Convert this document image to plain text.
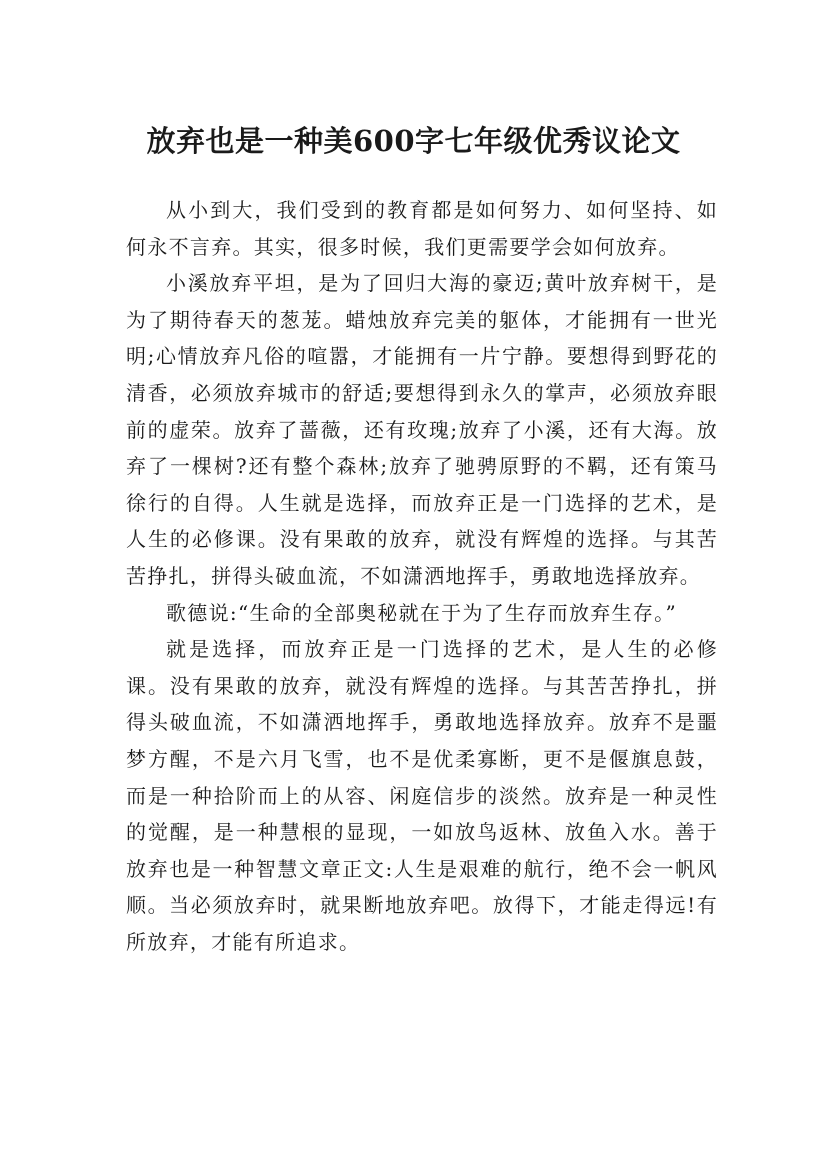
放弃也是一种美600字七年级优秀议论文

从小到大，我们受到的教育都是如何努力、如何坚持、如何永不言弃。其实，很多时候，我们更需要学会如何放弃。

小溪放弃平坦，是为了回归大海的豪迈;黄叶放弃树干，是为了期待春天的葱茏。蜡烛放弃完美的躯体，才能拥有一世光明;心情放弃凡俗的喧嚣，才能拥有一片宁静。要想得到野花的清香，必须放弃城市的舒适;要想得到永久的掌声，必须放弃眼前的虚荣。放弃了蔷薇，还有玫瑰;放弃了小溪，还有大海。放弃了一棵树?还有整个森林;放弃了驰骋原野的不羁，还有策马徐行的自得。人生就是选择，而放弃正是一门选择的艺术，是人生的必修课。没有果敢的放弃，就没有辉煌的选择。与其苦苦挣扎，拼得头破血流，不如潇洒地挥手，勇敢地选择放弃。

歌德说:“生命的全部奥秘就在于为了生存而放弃生存。”

就是选择，而放弃正是一门选择的艺术，是人生的必修课。没有果敢的放弃，就没有辉煌的选择。与其苦苦挣扎，拼得头破血流，不如潇洒地挥手，勇敢地选择放弃。放弃不是噩梦方醒，不是六月飞雪，也不是优柔寡断，更不是偃旗息鼓，而是一种拾阶而上的从容、闲庭信步的淡然。放弃是一种灵性的觉醒，是一种慧根的显现，一如放鸟返林、放鱼入水。善于放弃也是一种智慧文章正文:人生是艰难的航行，绝不会一帆风顺。当必须放弃时，就果断地放弃吧。放得下，才能走得远!有所放弃，才能有所追求。
